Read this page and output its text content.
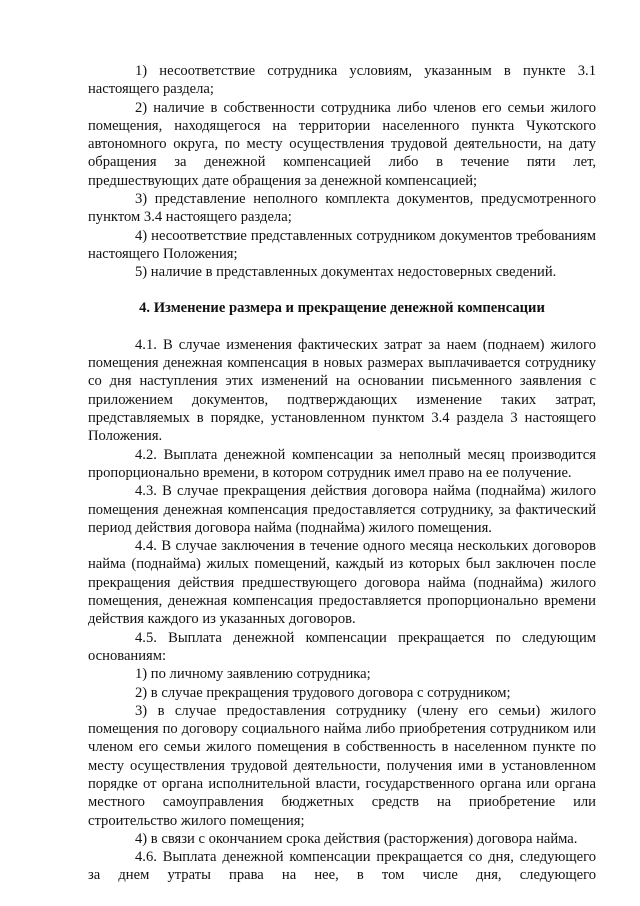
1) несоответствие сотрудника условиям, указанным в пункте 3.1 настоящего раздела;

2) наличие в собственности сотрудника либо членов его семьи жилого помещения, находящегося на территории населенного пункта Чукотского автономного округа, по месту осуществления трудовой деятельности, на дату обращения за денежной компенсацией либо в течение пяти лет, предшествующих дате обращения за денежной компенсацией;

3) представление неполного комплекта документов, предусмотренного пунктом 3.4 настоящего раздела;

4) несоответствие представленных сотрудником документов требованиям настоящего Положения;

5) наличие в представленных документах недостоверных сведений.

4. Изменение размера и прекращение денежной компенсации

4.1. В случае изменения фактических затрат за наем (поднаем) жилого помещения денежная компенсация в новых размерах выплачивается сотруднику со дня наступления этих изменений на основании письменного заявления с приложением документов, подтверждающих изменение таких затрат, представляемых в порядке, установленном пунктом 3.4 раздела 3 настоящего Положения.

4.2. Выплата денежной компенсации за неполный месяц производится пропорционально времени, в котором сотрудник имел право на ее получение.

4.3. В случае прекращения действия договора найма (поднайма) жилого помещения денежная компенсация предоставляется сотруднику, за фактический период действия договора найма (поднайма) жилого помещения.

4.4. В случае заключения в течение одного месяца нескольких договоров найма (поднайма) жилых помещений, каждый из которых был заключен после прекращения действия предшествующего договора найма (поднайма) жилого помещения, денежная компенсация предоставляется пропорционально времени действия каждого из указанных договоров.

4.5. Выплата денежной компенсации прекращается по следующим основаниям:

1) по личному заявлению сотрудника;

2) в случае прекращения трудового договора с сотрудником;

3) в случае предоставления сотруднику (члену его семьи) жилого помещения по договору социального найма либо приобретения сотрудником или членом его семьи жилого помещения в собственность в населенном пункте по месту осуществления трудовой деятельности, получения ими в установленном порядке от органа исполнительной власти, государственного органа или органа местного самоуправления бюджетных средств на приобретение или строительство жилого помещения;

4) в связи с окончанием срока действия (расторжения) договора найма.

4.6. Выплата денежной компенсации прекращается со дня, следующего за днем утраты права на нее, в том числе дня, следующего
